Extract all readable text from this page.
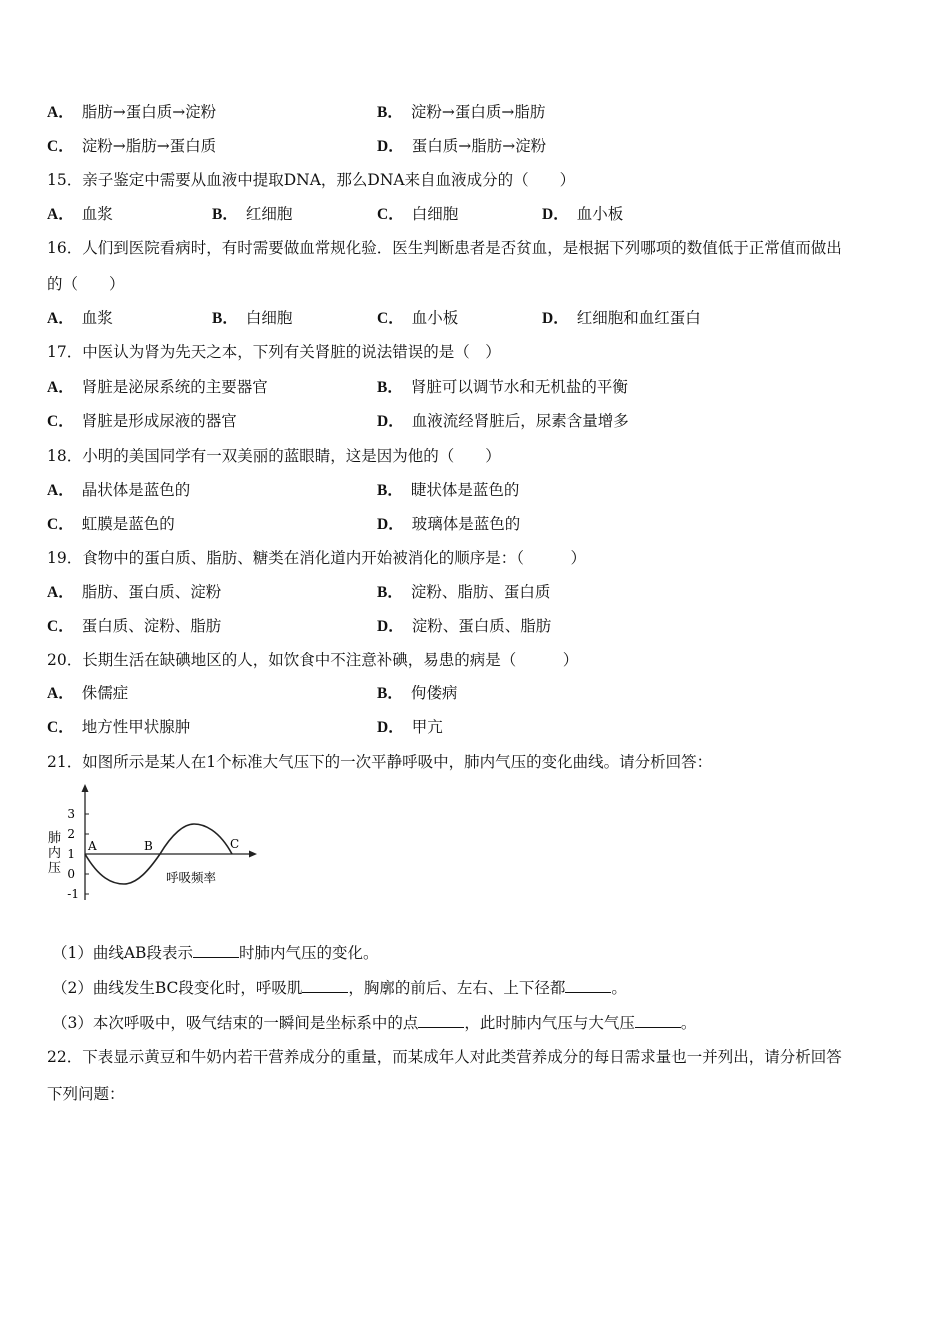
A． 脂肪→蛋白质→淀粉	B． 淀粉→蛋白质→脂肪
C． 淀粉→脂肪→蛋白质	D． 蛋白质→脂肪→淀粉
15．亲子鉴定中需要从血液中提取DNA，那么DNA来自血液成分的（　　）
A． 血浆	B． 红细胞	C． 白细胞	D． 血小板
16．人们到医院看病时，有时需要做血常规化验．医生判断患者是否贫血，是根据下列哪项的数值低于正常值而做出
的（　　）
A． 血浆	B． 白细胞	C． 血小板	D． 红细胞和血红蛋白
17．中医认为肾为先天之本，下列有关肾脏的说法错误的是（　）
A． 肾脏是泌尿系统的主要器官	B． 肾脏可以调节水和无机盐的平衡
C． 肾脏是形成尿液的器官	D． 血液流经肾脏后，尿素含量增多
18．小明的美国同学有一双美丽的蓝眼睛，这是因为他的（　　）
A． 晶状体是蓝色的	B． 睫状体是蓝色的
C． 虹膜是蓝色的	D． 玻璃体是蓝色的
19．食物中的蛋白质、脂肪、糖类在消化道内开始被消化的顺序是：（　　　）
A． 脂肪、蛋白质、淀粉	B． 淀粉、脂肪、蛋白质
C． 蛋白质、淀粉、脂肪	D． 淀粉、蛋白质、脂肪
20．长期生活在缺碘地区的人，如饮食中不注意补碘，易患的病是（　　　）
A． 侏儒症	B． 佝偻病
C． 地方性甲状腺肿	D． 甲亢
21．如图所示是某人在1个标准大气压下的一次平静呼吸中，肺内气压的变化曲线。请分析回答：
3
2
1
0
-1
肺内压
A	B	C
呼吸频率
（1）曲线AB段表示	时肺内气压的变化。
（2）曲线发生BC段变化时，呼吸肌	，胸廓的前后、左右、上下径都	。
（3）本次呼吸中，吸气结束的一瞬间是坐标系中的点	，此时肺内气压与大气压	。
22．下表显示黄豆和牛奶内若干营养成分的重量，而某成年人对此类营养成分的每日需求量也一并列出，请分析回答
下列问题：
